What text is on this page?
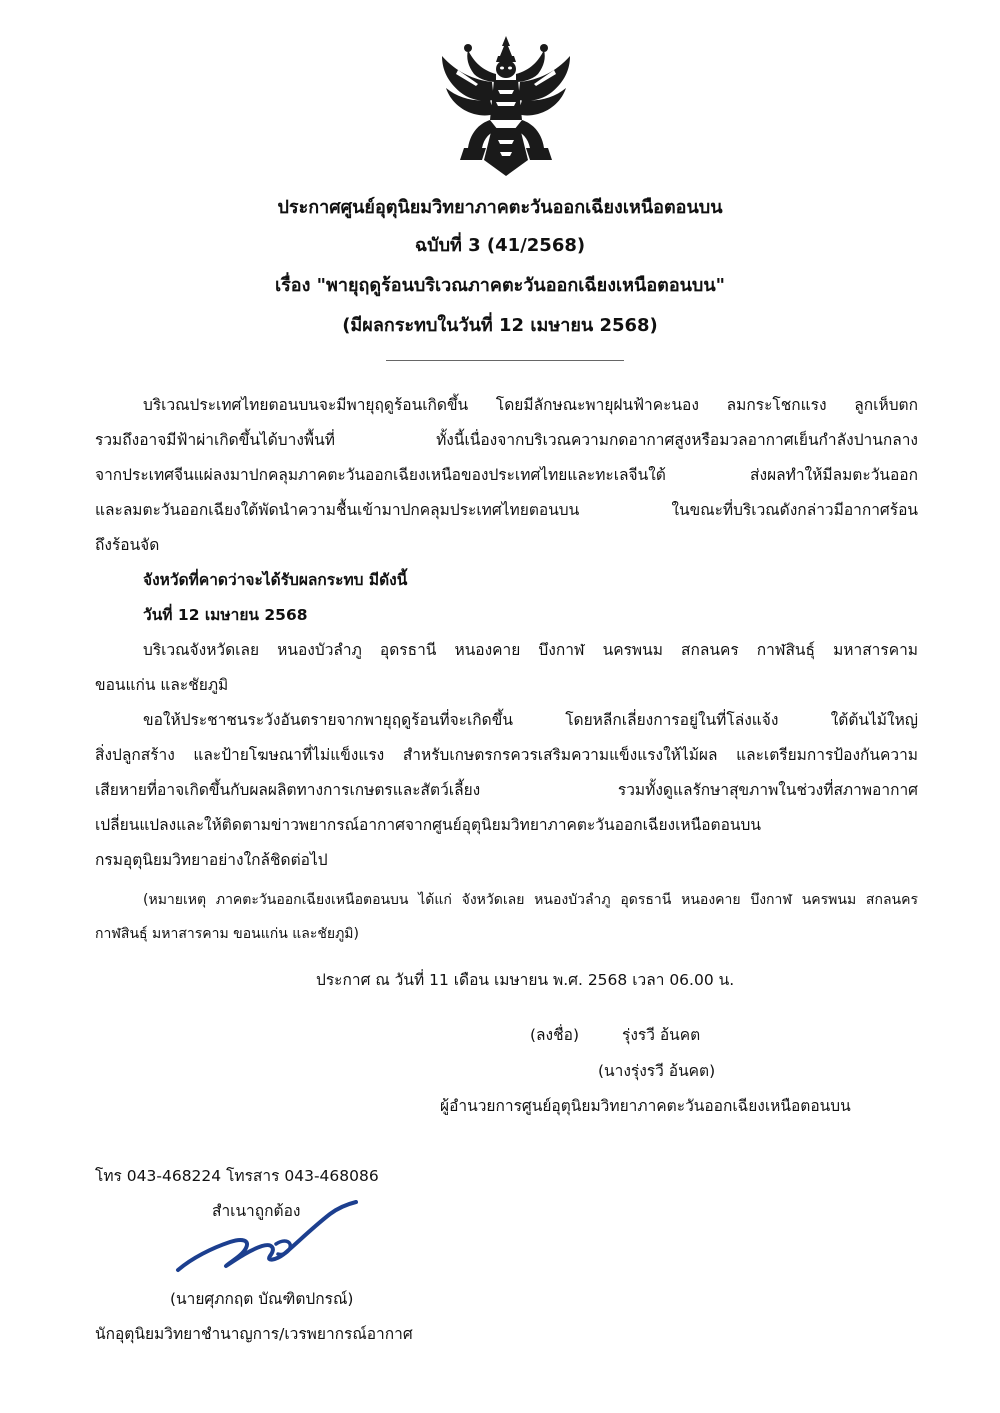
ประกาศศูนย์อุตุนิยมวิทยาภาคตะวันออกเฉียงเหนือตอนบน
ฉบับที่ 3 (41/2568)
เรื่อง "พายุฤดูร้อนบริเวณภาคตะวันออกเฉียงเหนือตอนบน"
(มีผลกระทบในวันที่ 12 เมษายน 2568)
บริเวณประเทศไทยตอนบนจะมีพายุฤดูร้อนเกิดขึ้น โดยมีลักษณะพายุฝนฟ้าคะนอง ลมกระโชกแรง ลูกเห็บตก
รวมถึงอาจมีฟ้าผ่าเกิดขึ้นได้บางพื้นที่ ทั้งนี้เนื่องจากบริเวณความกดอากาศสูงหรือมวลอากาศเย็นกำลังปานกลาง
จากประเทศจีนแผ่ลงมาปกคลุมภาคตะวันออกเฉียงเหนือของประเทศไทยและทะเลจีนใต้ ส่งผลทำให้มีลมตะวันออก
และลมตะวันออกเฉียงใต้พัดนำความชื้นเข้ามาปกคลุมประเทศไทยตอนบน ในขณะที่บริเวณดังกล่าวมีอากาศร้อน
ถึงร้อนจัด
จังหวัดที่คาดว่าจะได้รับผลกระทบ มีดังนี้
วันที่ 12 เมษายน 2568
บริเวณจังหวัดเลย หนองบัวลำภู อุดรธานี หนองคาย บึงกาฬ นครพนม สกลนคร กาฬสินธุ์ มหาสารคาม
ขอนแก่น และชัยภูมิ
ขอให้ประชาชนระวังอันตรายจากพายุฤดูร้อนที่จะเกิดขึ้น โดยหลีกเลี่ยงการอยู่ในที่โล่งแจ้ง ใต้ต้นไม้ใหญ่
สิ่งปลูกสร้าง และป้ายโฆษณาที่ไม่แข็งแรง สำหรับเกษตรกรควรเสริมความแข็งแรงให้ไม้ผล และเตรียมการป้องกันความ
เสียหายที่อาจเกิดขึ้นกับผลผลิตทางการเกษตรและสัตว์เลี้ยง รวมทั้งดูแลรักษาสุขภาพในช่วงที่สภาพอากาศ
เปลี่ยนแปลงและให้ติดตามข่าวพยากรณ์อากาศจากศูนย์อุตุนิยมวิทยาภาคตะวันออกเฉียงเหนือตอนบน
กรมอุตุนิยมวิทยาอย่างใกล้ชิดต่อไป
(หมายเหตุ ภาคตะวันออกเฉียงเหนือตอนบน ได้แก่ จังหวัดเลย หนองบัวลำภู อุดรธานี หนองคาย บึงกาฬ นครพนม สกลนคร
กาฬสินธุ์ มหาสารคาม ขอนแก่น และชัยภูมิ)
ประกาศ ณ วันที่ 11 เดือน เมษายน พ.ศ. 2568 เวลา 06.00 น.
(ลงชื่อ)	รุ่งรวี อ้นคต
(นางรุ่งรวี อ้นคต)
ผู้อำนวยการศูนย์อุตุนิยมวิทยาภาคตะวันออกเฉียงเหนือตอนบน
โทร 043-468224 โทรสาร 043-468086
สำเนาถูกต้อง
(นายศุภกฤต บัณฑิตปกรณ์)
นักอุตุนิยมวิทยาชำนาญการ/เวรพยากรณ์อากาศ
